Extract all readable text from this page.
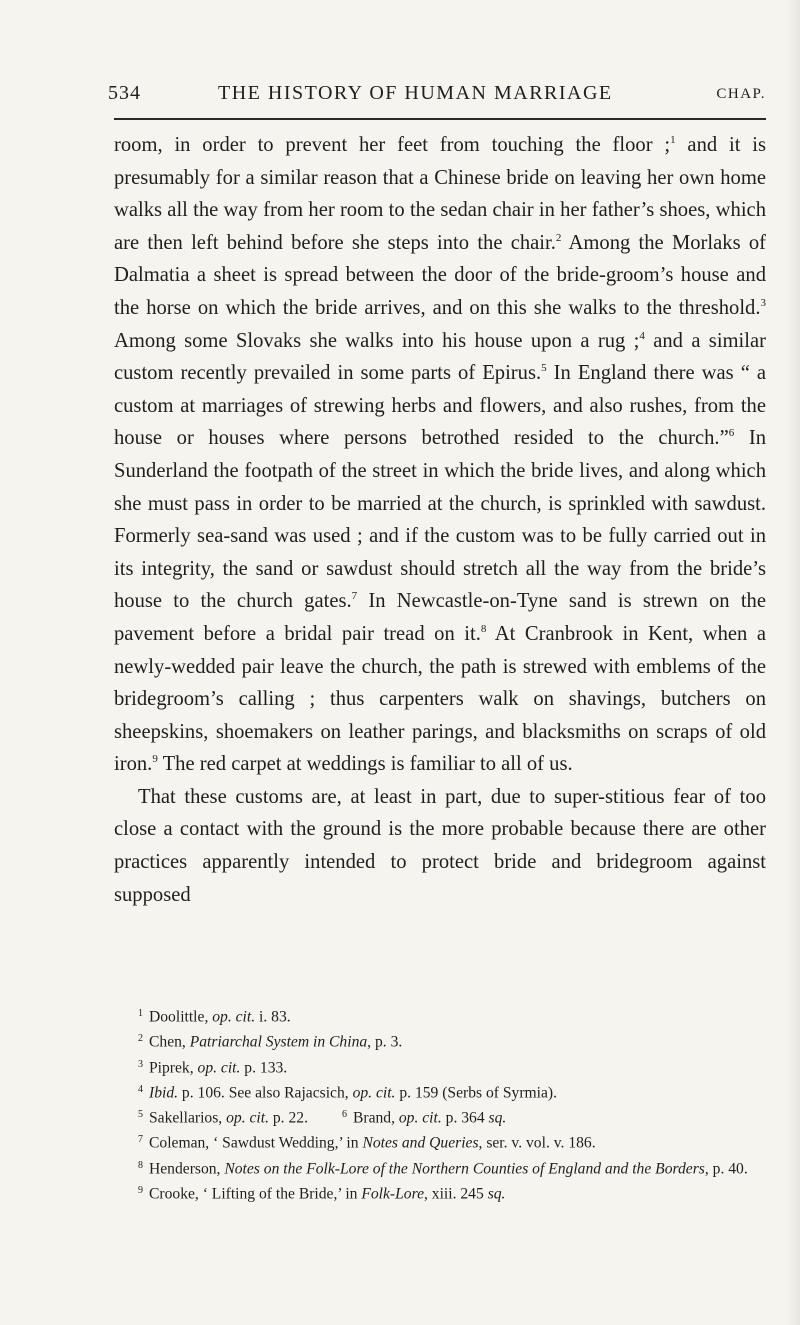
534	THE HISTORY OF HUMAN MARRIAGE	CHAP.

room, in order to prevent her feet from touching the floor ;$^1$ and it is presumably for a similar reason that a Chinese bride on leaving her own home walks all the way from her room to the sedan chair in her father’s shoes, which are then left behind before she steps into the chair.$^2$ Among the Morlaks of Dalmatia a sheet is spread between the door of the bride-groom’s house and the horse on which the bride arrives, and on this she walks to the threshold.$^3$ Among some Slovaks she walks into his house upon a rug ;$^4$ and a similar custom recently prevailed in some parts of Epirus.$^5$ In England there was “ a custom at marriages of strewing herbs and flowers, and also rushes, from the house or houses where persons betrothed resided to the church.”$^6$ In Sunderland the footpath of the street in which the bride lives, and along which she must pass in order to be married at the church, is sprinkled with sawdust. Formerly sea-sand was used ; and if the custom was to be fully carried out in its integrity, the sand or sawdust should stretch all the way from the bride’s house to the church gates.$^7$ In Newcastle-on-Tyne sand is strewn on the pavement before a bridal pair tread on it.$^8$ At Cranbrook in Kent, when a newly-wedded pair leave the church, the path is strewed with emblems of the bridegroom’s calling ; thus carpenters walk on shavings, butchers on sheepskins, shoemakers on leather parings, and blacksmiths on scraps of old iron.$^9$ The red carpet at weddings is familiar to all of us.

That these customs are, at least in part, due to super-stitious fear of too close a contact with the ground is the more probable because there are other practices apparently intended to protect bride and bridegroom against supposed

$^1$ Doolittle, op. cit. i. 83.

$^2$ Chen, Patriarchal System in China, p. 3.

$^3$ Piprek, op. cit. p. 133.

$^4$ Ibid. p. 106. See also Rajacsich, op. cit. p. 159 (Serbs of Syrmia).

$^5$ Sakellarios, op. cit. p. 22.	$^6$ Brand, op. cit. p. 364 sq.

$^7$ Coleman, ‘ Sawdust Wedding,’ in Notes and Queries, ser. v. vol. v. 186.

$^8$ Henderson, Notes on the Folk-Lore of the Northern Counties of England and the Borders, p. 40.

$^9$ Crooke, ‘ Lifting of the Bride,’ in Folk-Lore, xiii. 245 sq.
